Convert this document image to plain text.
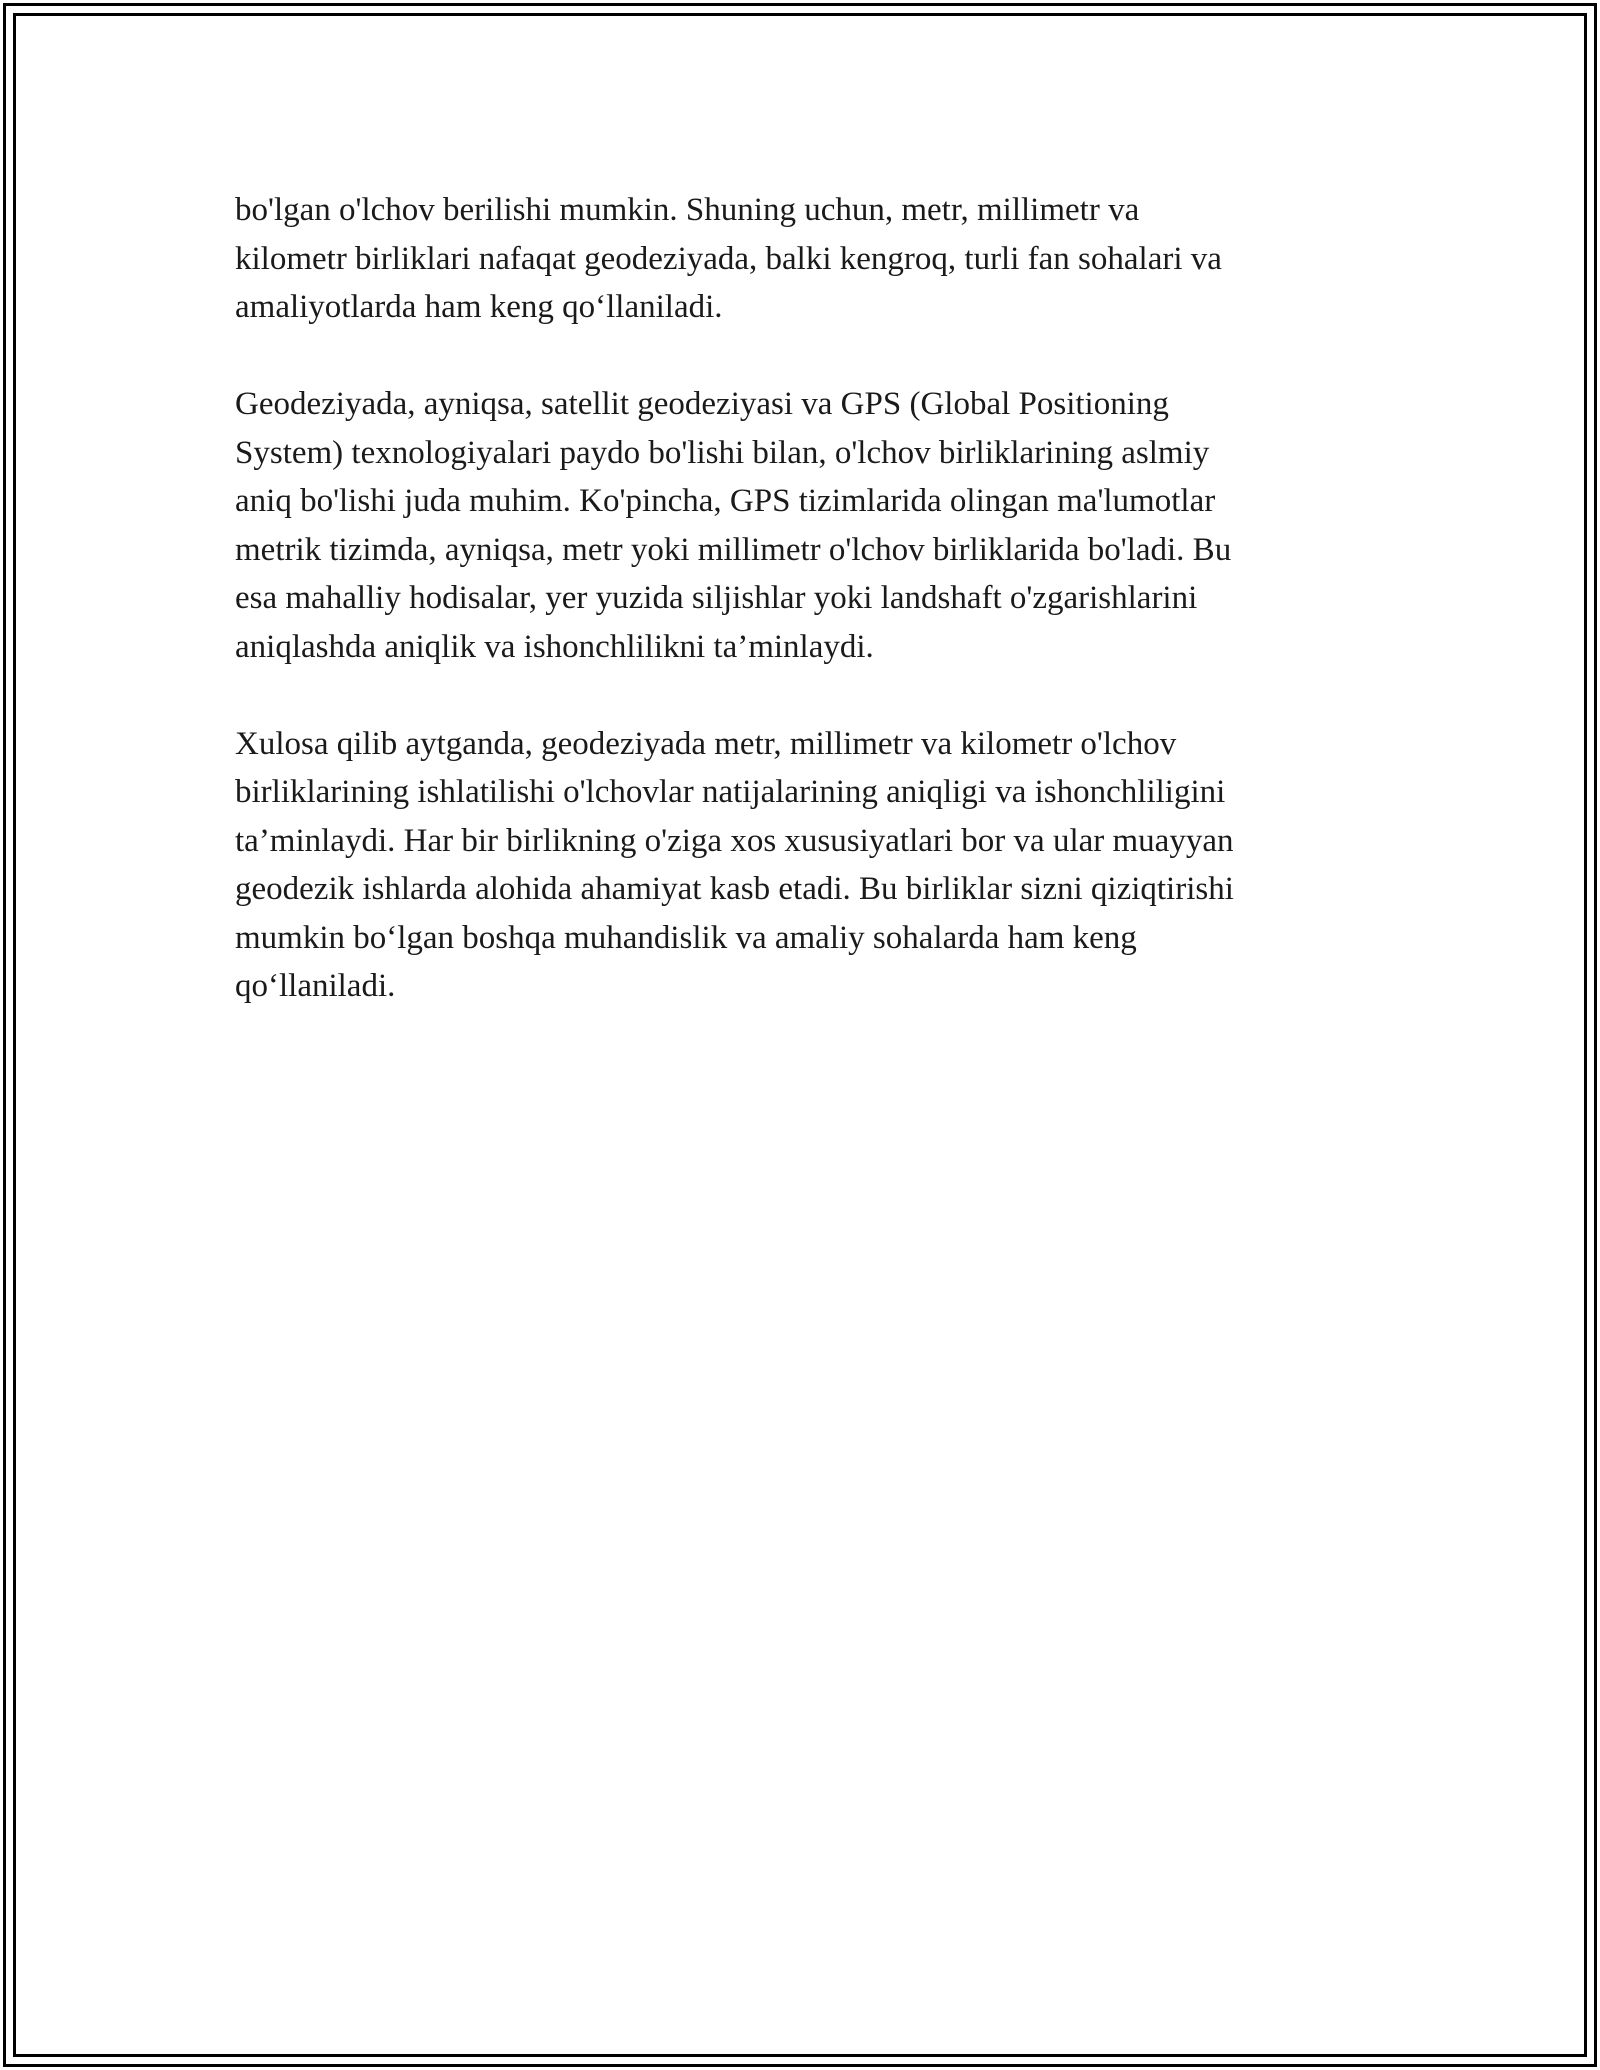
bo'lgan o'lchov berilishi mumkin. Shuning uchun, metr, millimetr va
kilometr birliklari nafaqat geodeziyada, balki kengroq, turli fan sohalari va
amaliyotlarda ham keng qo‘llaniladi.

Geodeziyada, ayniqsa, satellit geodeziyasi va GPS (Global Positioning
System) texnologiyalari paydo bo'lishi bilan, o'lchov birliklarining aslmiy
aniq bo'lishi juda muhim. Ko'pincha, GPS tizimlarida olingan ma'lumotlar
metrik tizimda, ayniqsa, metr yoki millimetr o'lchov birliklarida bo'ladi. Bu
esa mahalliy hodisalar, yer yuzida siljishlar yoki landshaft o'zgarishlarini
aniqlashda aniqlik va ishonchlilikni ta’minlaydi.

Xulosa qilib aytganda, geodeziyada metr, millimetr va kilometr o'lchov
birliklarining ishlatilishi o'lchovlar natijalarining aniqligi va ishonchliligini
ta’minlaydi. Har bir birlikning o'ziga xos xususiyatlari bor va ular muayyan
geodezik ishlarda alohida ahamiyat kasb etadi. Bu birliklar sizni qiziqtirishi
mumkin bo‘lgan boshqa muhandislik va amaliy sohalarda ham keng
qo‘llaniladi.
